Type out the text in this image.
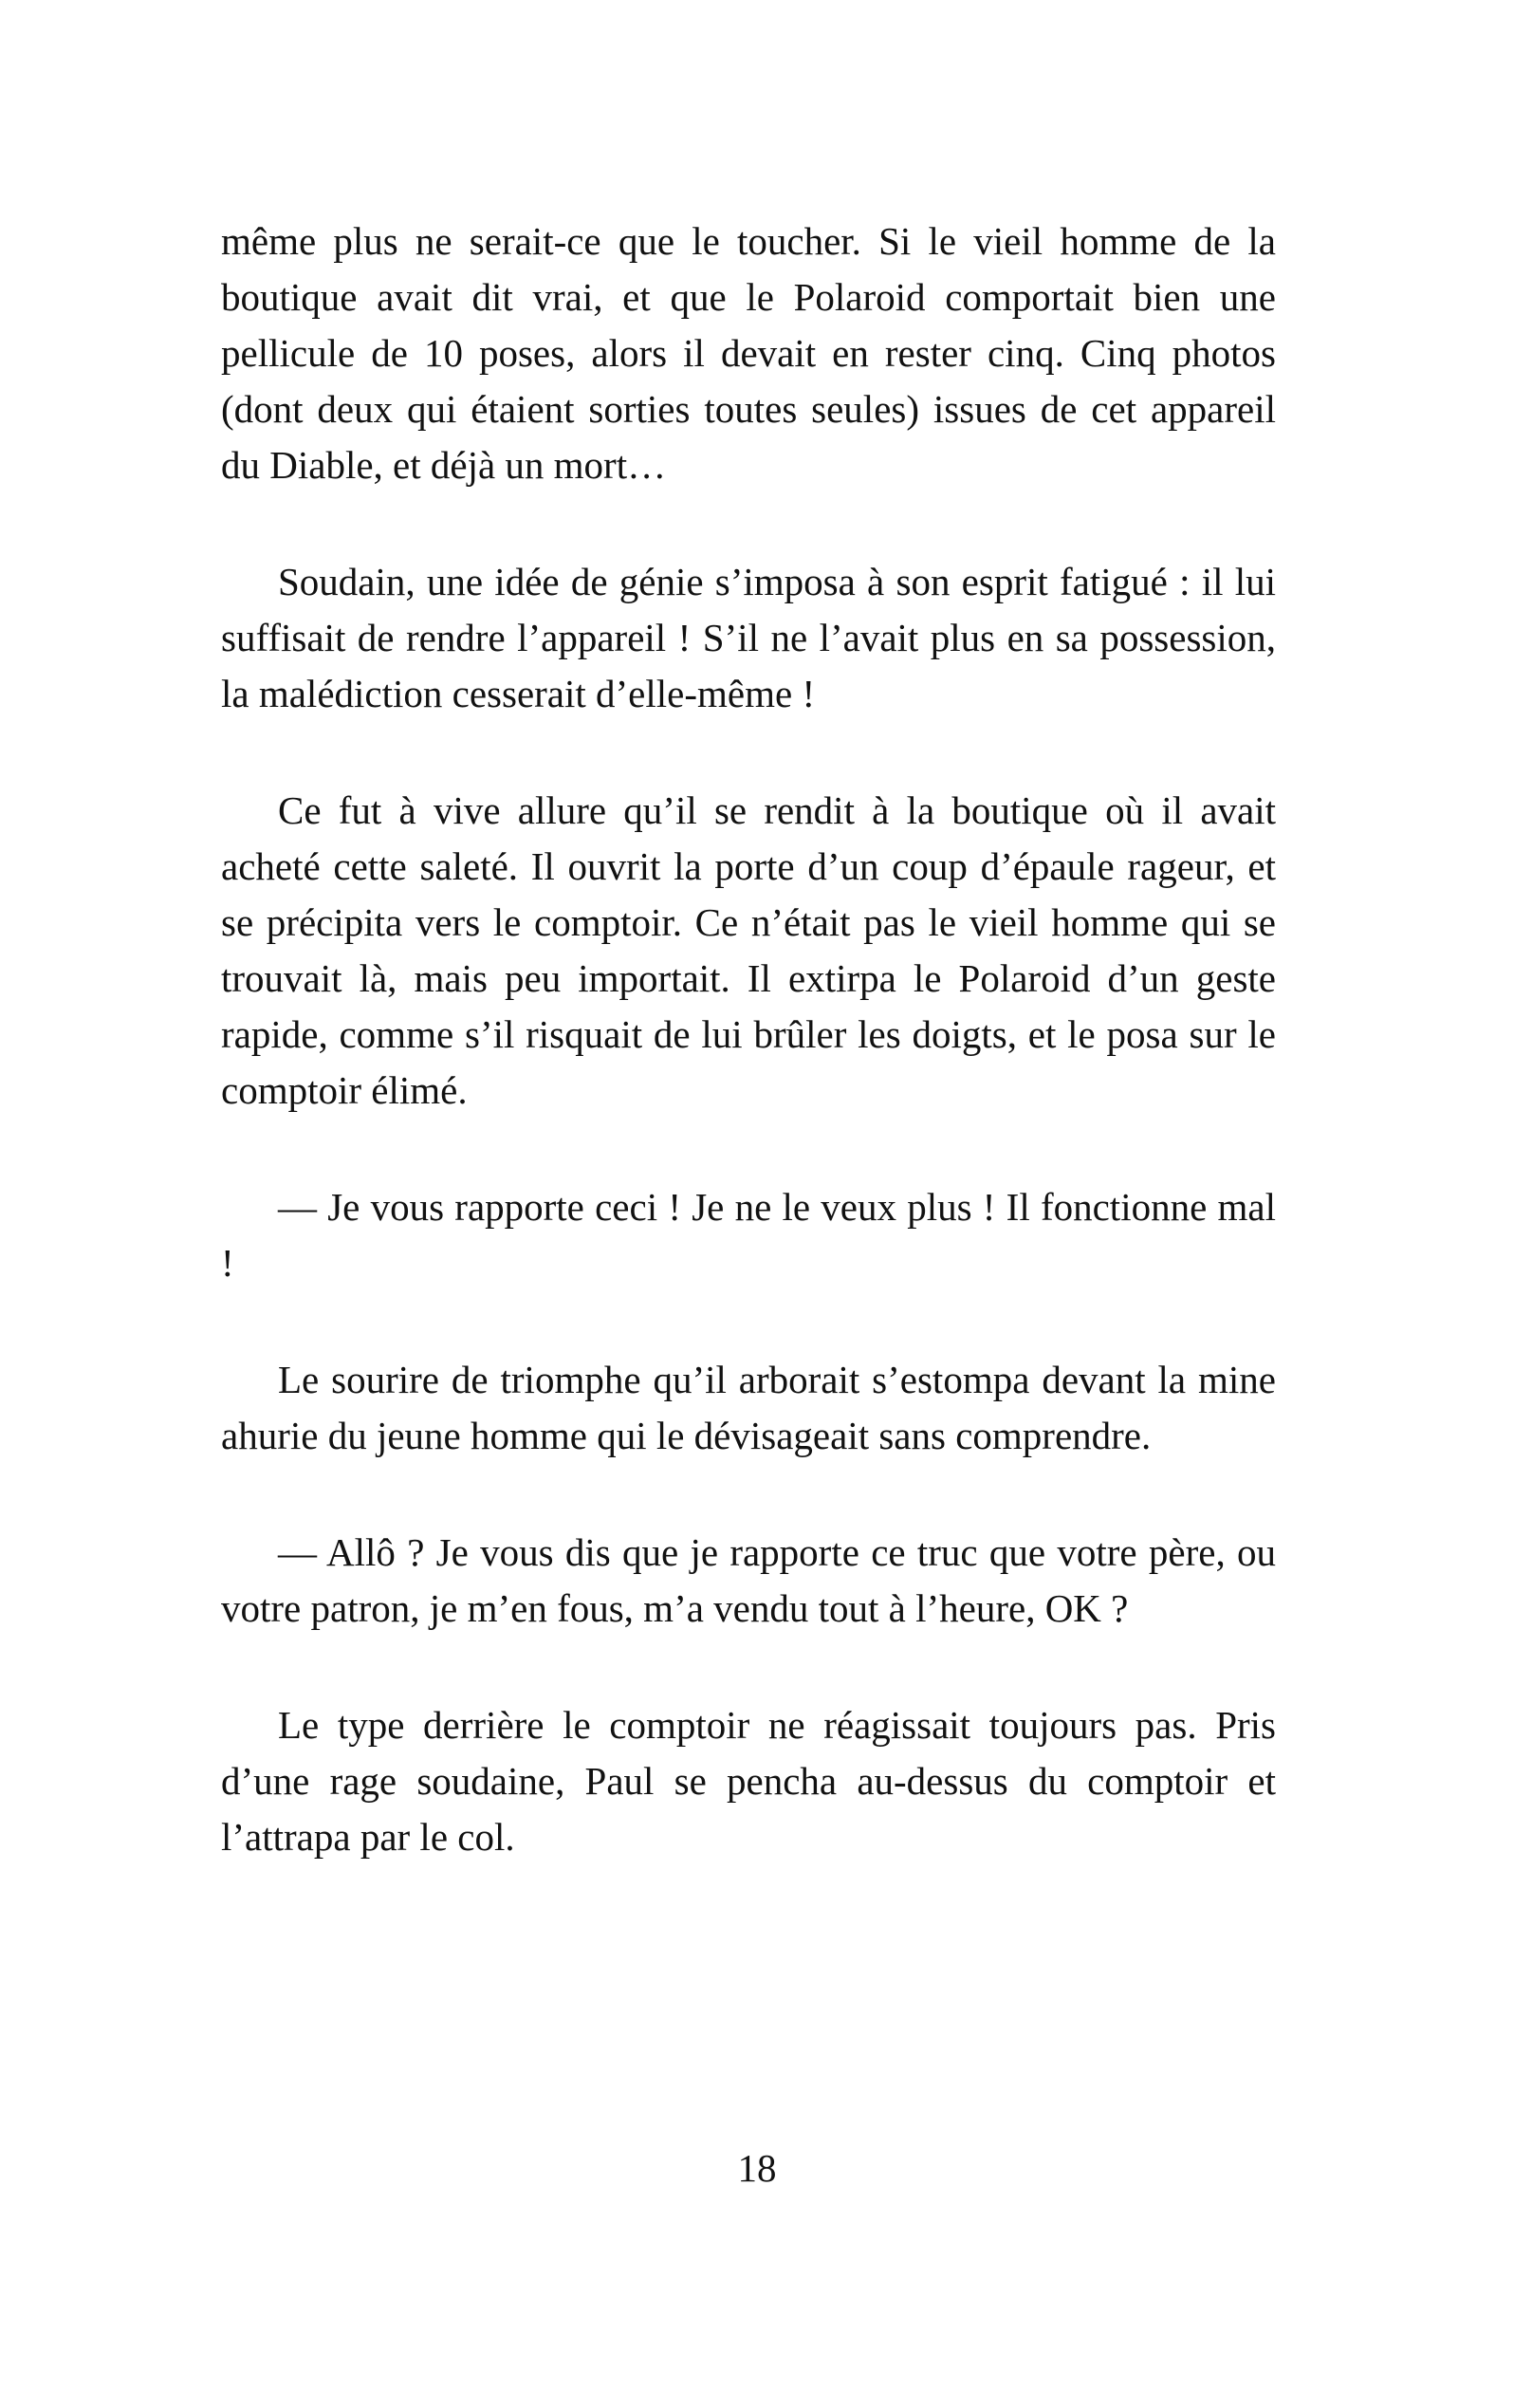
même plus ne serait-ce que le toucher. Si le vieil homme de la boutique avait dit vrai, et que le Polaroid comportait bien une pellicule de 10 poses, alors il devait en rester cinq. Cinq photos (dont deux qui étaient sorties toutes seules) issues de cet appareil du Diable, et déjà un mort…

Soudain, une idée de génie s’imposa à son esprit fatigué : il lui suffisait de rendre l’appareil ! S’il ne l’avait plus en sa possession, la malédiction cesserait d’elle-même !

Ce fut à vive allure qu’il se rendit à la boutique où il avait acheté cette saleté. Il ouvrit la porte d’un coup d’épaule rageur, et se précipita vers le comptoir. Ce n’était pas le vieil homme qui se trouvait là, mais peu importait. Il extirpa le Polaroid d’un geste rapide, comme s’il risquait de lui brûler les doigts, et le posa sur le comptoir élimé.

— Je vous rapporte ceci ! Je ne le veux plus ! Il fonctionne mal !

Le sourire de triomphe qu’il arborait s’estompa devant la mine ahurie du jeune homme qui le dévisageait sans comprendre.

— Allô ? Je vous dis que je rapporte ce truc que votre père, ou votre patron, je m’en fous, m’a vendu tout à l’heure, OK ?

Le type derrière le comptoir ne réagissait toujours pas. Pris d’une rage soudaine, Paul se pencha au-dessus du comptoir et l’attrapa par le col.

18
